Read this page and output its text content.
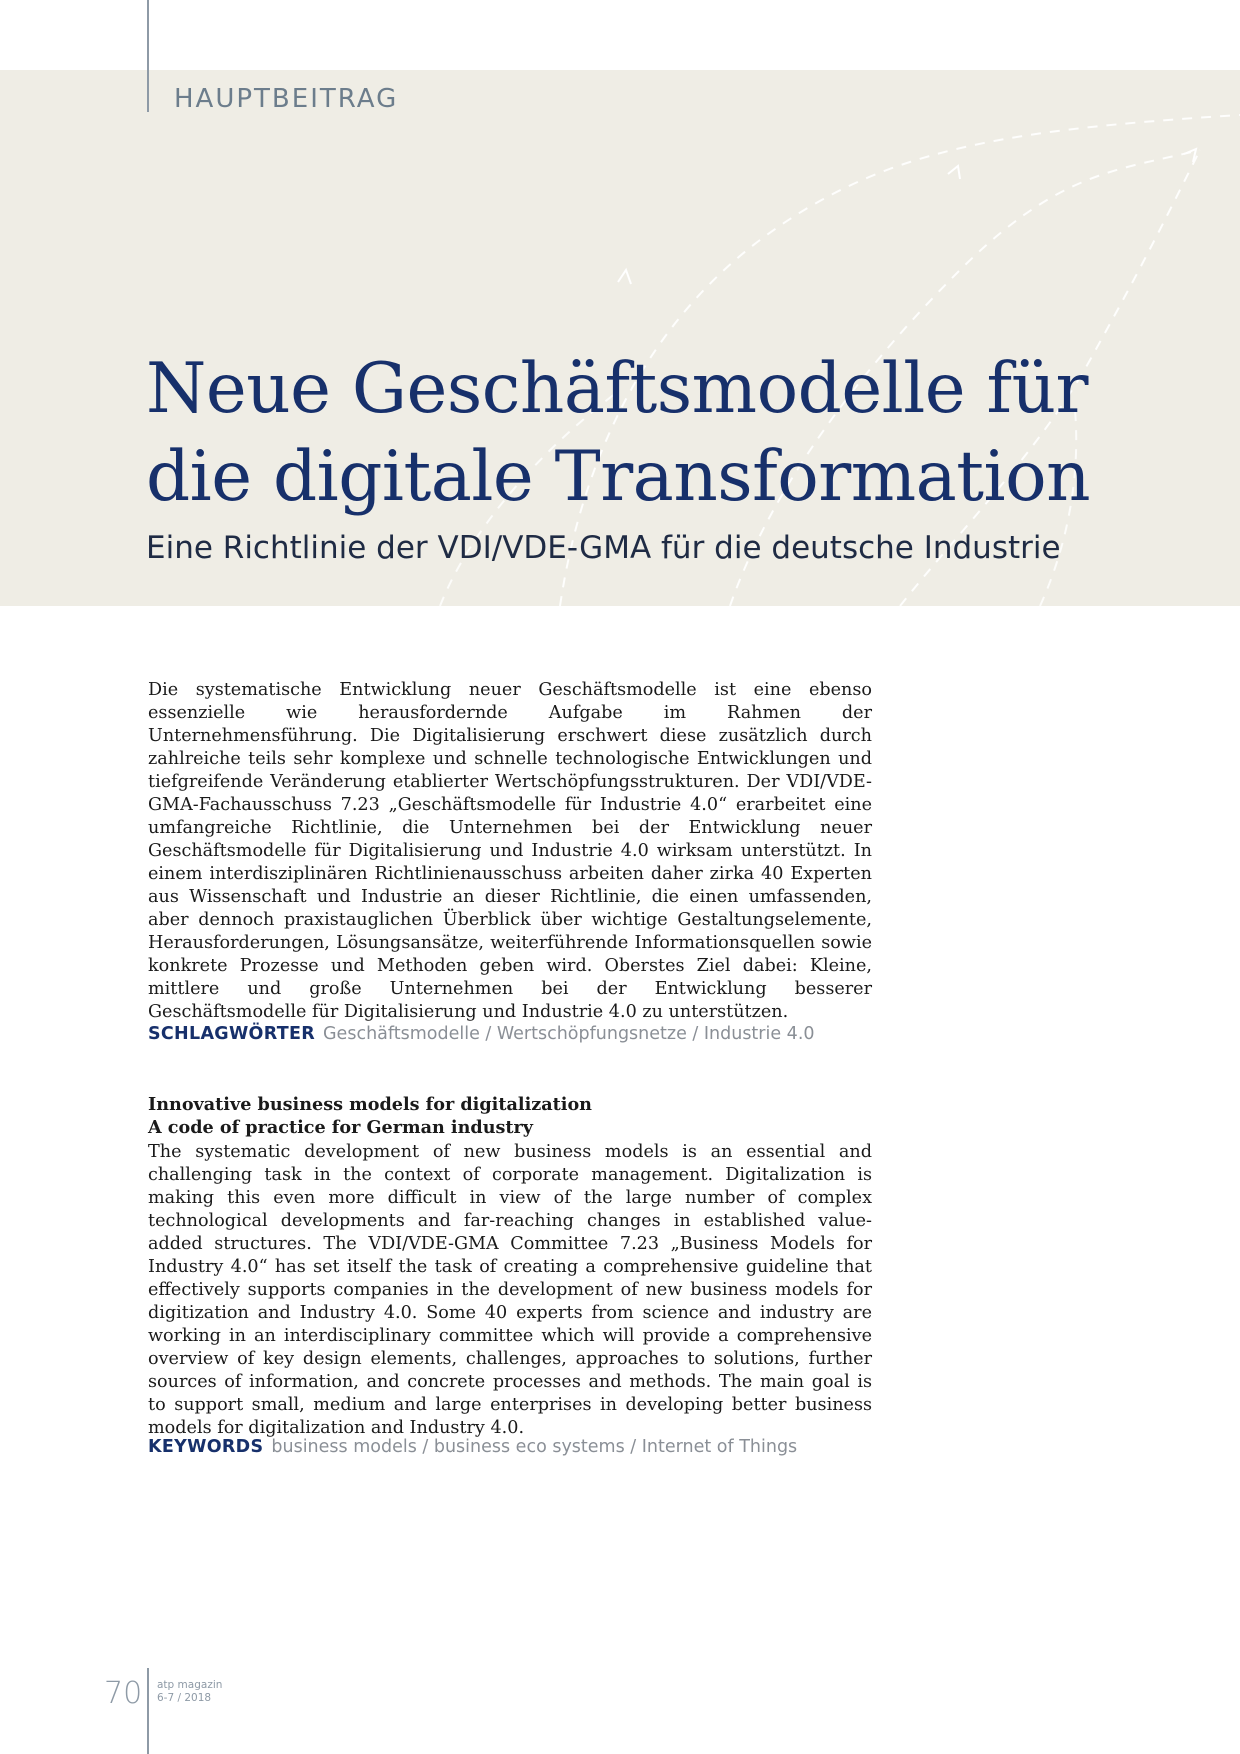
HAUPTBEITRAG
Neue Geschäftsmodelle für
die digitale Transformation
Eine Richtlinie der VDI/VDE-GMA für die deutsche Industrie

Die systematische Entwicklung neuer Geschäftsmodelle ist eine ebenso essenzielle wie herausfordernde Aufgabe im Rahmen der Unternehmensführung. Die Digitalisierung erschwert diese zusätzlich durch zahlreiche teils sehr komplexe und schnelle technologische Entwicklungen und tiefgreifende Veränderung etablierter Wertschöpfungsstrukturen. Der VDI/VDE-GMA-Fachausschuss 7.23 „Geschäftsmodelle für Industrie 4.0“ erarbeitet eine umfangreiche Richtlinie, die Unternehmen bei der Entwicklung neuer Geschäftsmodelle für Digitalisierung und Industrie 4.0 wirksam unterstützt. In einem interdisziplinären Richtlinienausschuss arbeiten daher zirka 40 Experten aus Wissenschaft und Industrie an dieser Richtlinie, die einen umfassenden, aber dennoch praxistauglichen Überblick über wichtige Gestaltungselemente, Herausforderungen, Lösungsansätze, weiterführende Informationsquellen sowie konkrete Prozesse und Methoden geben wird. Oberstes Ziel dabei: Kleine, mittlere und große Unternehmen bei der Entwicklung besserer Geschäftsmodelle für Digitalisierung und Industrie 4.0 zu unterstützen.

SCHLAGWÖRTER Geschäftsmodelle / Wertschöpfungsnetze / Industrie 4.0

Innovative business models for digitalization

A code of practice for German industry

The systematic development of new business models is an essential and challenging task in the context of corporate management. Digitalization is making this even more difficult in view of the large number of complex technological developments and far-reaching changes in established value-added structures. The VDI/VDE-GMA Committee 7.23 „Business Models for Industry 4.0“ has set itself the task of creating a comprehensive guideline that effectively supports companies in the development of new business models for digitization and Industry 4.0. Some 40 experts from science and industry are working in an interdisciplinary committee which will provide a comprehensive overview of key design elements, challenges, approaches to solutions, further sources of information, and concrete processes and methods. The main goal is to support small, medium and large enterprises in developing better business models for digitalization and Industry 4.0.

KEYWORDS business models / business eco systems / Internet of Things
70 atp magazin
6-7 / 2018
